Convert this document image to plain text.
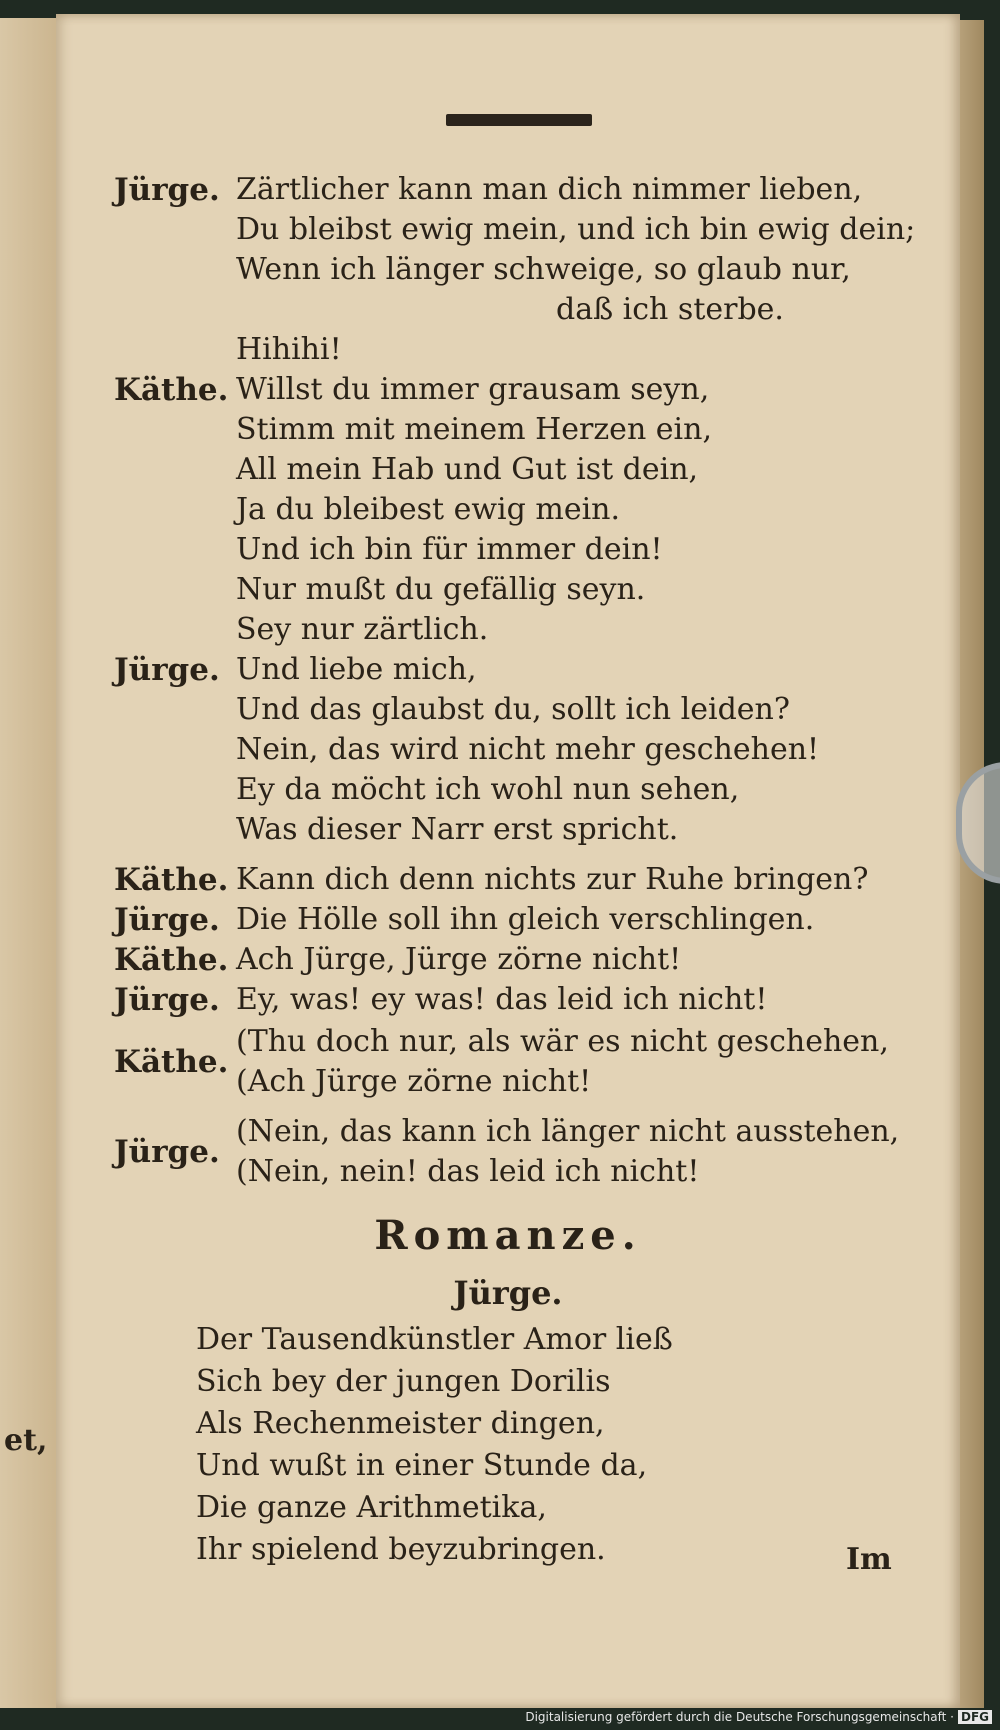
et,
Jürge. Zärtlicher kann man dich nimmer lieben,
Du bleibst ewig mein, und ich bin ewig dein;
Wenn ich länger schweige, so glaub nur,
daß ich sterbe.
Hihihi!
Käthe. Willst du immer grausam seyn,
Stimm mit meinem Herzen ein,
All mein Hab und Gut ist dein,
Ja du bleibest ewig mein.
Und ich bin für immer dein!
Nur mußt du gefällig seyn.
Sey nur zärtlich.
Jürge. Und liebe mich,
Und das glaubst du, sollt ich leiden?
Nein, das wird nicht mehr geschehen!
Ey da möcht ich wohl nun sehen,
Was dieser Narr erst spricht.
Käthe. Kann dich denn nichts zur Ruhe bringen?
Jürge. Die Hölle soll ihn gleich verschlingen.
Käthe. Ach Jürge, Jürge zörne nicht!
Jürge. Ey, was! ey was! das leid ich nicht!
Käthe.
(Thu doch nur, als wär es nicht geschehen,
(Ach Jürge zörne nicht!
Jürge.
(Nein, das kann ich länger nicht ausstehen,
(Nein, nein! das leid ich nicht!
Romanze.
Jürge.
Der Tausendkünstler Amor ließ
Sich bey der jungen Dorilis
Als Rechenmeister dingen,
Und wußt in einer Stunde da,
Die ganze Arithmetika,
Ihr spielend beyzubringen.	Im
Digitalisierung gefördert durch die Deutsche Forschungsgemeinschaft · DFG
